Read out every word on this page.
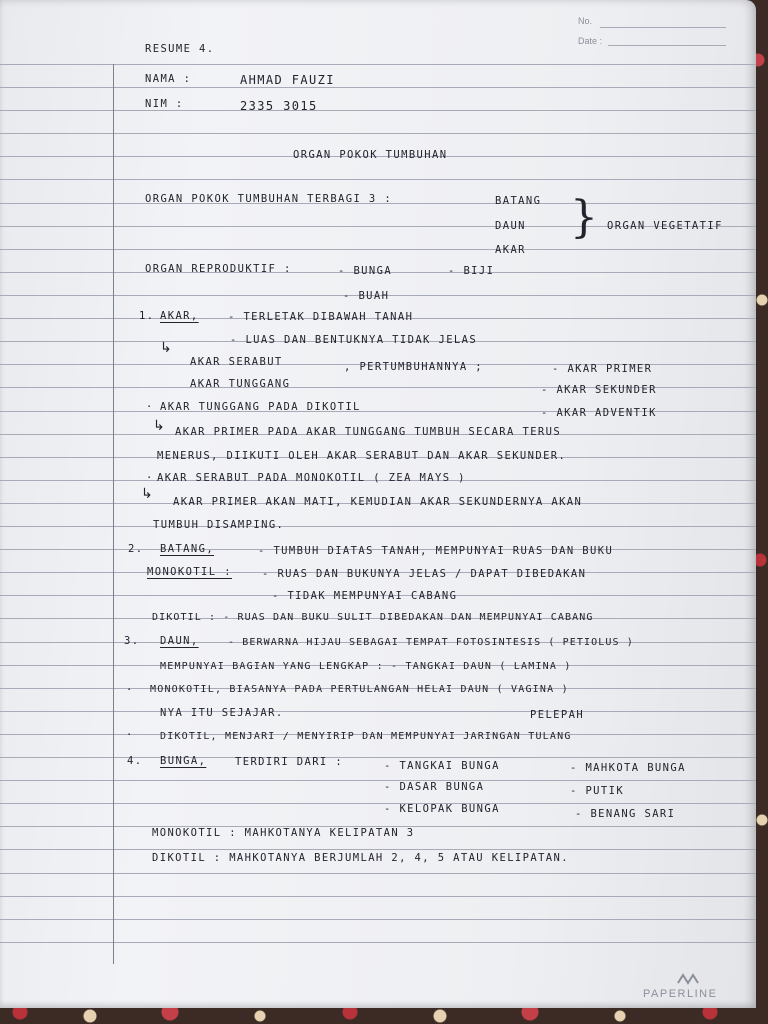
No.
Date :
RESUME 4.
NAMA :	AHMAD FAUZI
NIM :	2335 3015
ORGAN POKOK TUMBUHAN
ORGAN POKOK TUMBUHAN TERBAGI 3 :	BATANG
DAUN
AKAR
} ORGAN VEGETATIF
ORGAN REPRODUKTIF :	- BUNGA	- BIJI
- BUAH
1. AKAR,	- TERLETAK DIBAWAH TANAH
- LUAS DAN BENTUKNYA TIDAK JELAS
↳
AKAR SERABUT
AKAR TUNGGANG
, PERTUMBUHANNYA ;	- AKAR PRIMER
- AKAR SEKUNDER
- AKAR ADVENTIK
· AKAR TUNGGANG PADA DIKOTIL
↳ AKAR PRIMER PADA AKAR TUNGGANG TUMBUH SECARA TERUS
MENERUS, DIIKUTI OLEH AKAR SERABUT DAN AKAR SEKUNDER.
· AKAR SERABUT PADA MONOKOTIL ( ZEA MAYS )
↳ AKAR PRIMER AKAN MATI, KEMUDIAN AKAR SEKUNDERNYA AKAN
TUMBUH DISAMPING.
2. BATANG,	- TUMBUH DIATAS TANAH, MEMPUNYAI RUAS DAN BUKU
MONOKOTIL :	- RUAS DAN BUKUNYA JELAS / DAPAT DIBEDAKAN
- TIDAK MEMPUNYAI CABANG
DIKOTIL : - RUAS DAN BUKU SULIT DIBEDAKAN DAN MEMPUNYAI CABANG
3. DAUN,	- BERWARNA HIJAU SEBAGAI TEMPAT FOTOSINTESIS ( PETIOLUS )
MEMPUNYAI BAGIAN YANG LENGKAP : - TANGKAI DAUN ( LAMINA )
· MONOKOTIL, BIASANYA PADA PERTULANGAN HELAI DAUN ( VAGINA )
NYA ITU SEJAJAR.	PELEPAH
·	DIKOTIL, MENJARI / MENYIRIP DAN MEMPUNYAI JARINGAN TULANG
4. BUNGA,	TERDIRI DARI :	- TANGKAI BUNGA
- DASAR BUNGA
- KELOPAK BUNGA
- MAHKOTA BUNGA
- PUTIK
- BENANG SARI
MONOKOTIL : MAHKOTANYA KELIPATAN 3
DIKOTIL : MAHKOTANYA BERJUMLAH 2, 4, 5 ATAU KELIPATAN.
PAPERLINE
